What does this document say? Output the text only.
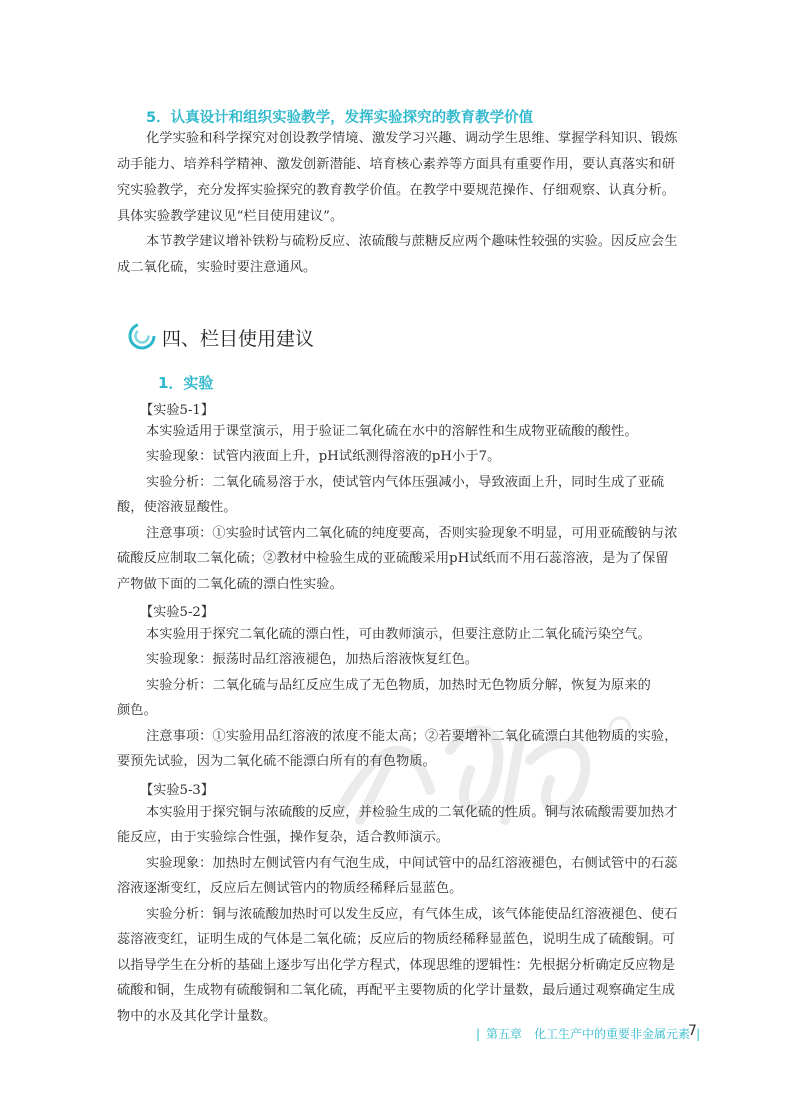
5．认真设计和组织实验教学，发挥实验探究的教育教学价值
化学实验和科学探究对创设教学情境、激发学习兴趣、调动学生思维、掌握学科知识、锻炼
动手能力、培养科学精神、激发创新潜能、培育核心素养等方面具有重要作用，要认真落实和研
究实验教学，充分发挥实验探究的教育教学价值。在教学中要规范操作、仔细观察、认真分析。
具体实验教学建议见“栏目使用建议”。
本节教学建议增补铁粉与硫粉反应、浓硫酸与蔗糖反应两个趣味性较强的实验。因反应会生
成二氧化硫，实验时要注意通风。
四、栏目使用建议
1．实验
【实验5-1】
本实验适用于课堂演示，用于验证二氧化硫在水中的溶解性和生成物亚硫酸的酸性。
实验现象：试管内液面上升，pH试纸测得溶液的pH小于7。
实验分析：二氧化硫易溶于水，使试管内气体压强减小，导致液面上升，同时生成了亚硫
酸，使溶液显酸性。
注意事项：①实验时试管内二氧化硫的纯度要高，否则实验现象不明显，可用亚硫酸钠与浓
硫酸反应制取二氧化硫；②教材中检验生成的亚硫酸采用pH试纸而不用石蕊溶液，是为了保留
产物做下面的二氧化硫的漂白性实验。
【实验5-2】
本实验用于探究二氧化硫的漂白性，可由教师演示，但要注意防止二氧化硫污染空气。
实验现象：振荡时品红溶液褪色，加热后溶液恢复红色。
实验分析：二氧化硫与品红反应生成了无色物质，加热时无色物质分解，恢复为原来的
颜色。
注意事项：①实验用品红溶液的浓度不能太高；②若要增补二氧化硫漂白其他物质的实验，
要预先试验，因为二氧化硫不能漂白所有的有色物质。
【实验5-3】
本实验用于探究铜与浓硫酸的反应，并检验生成的二氧化硫的性质。铜与浓硫酸需要加热才
能反应，由于实验综合性强，操作复杂，适合教师演示。
实验现象：加热时左侧试管内有气泡生成，中间试管中的品红溶液褪色，右侧试管中的石蕊
溶液逐渐变红，反应后左侧试管内的物质经稀释后显蓝色。
实验分析：铜与浓硫酸加热时可以发生反应，有气体生成，该气体能使品红溶液褪色、使石
蕊溶液变红，证明生成的气体是二氧化硫；反应后的物质经稀释显蓝色，说明生成了硫酸铜。可
以指导学生在分析的基础上逐步写出化学方程式，体现思维的逻辑性：先根据分析确定反应物是
硫酸和铜，生成物有硫酸铜和二氧化硫，再配平主要物质的化学计量数，最后通过观察确定生成
物中的水及其化学计量数。
| 第五章　化工生产中的重要非金属元素 |
7
